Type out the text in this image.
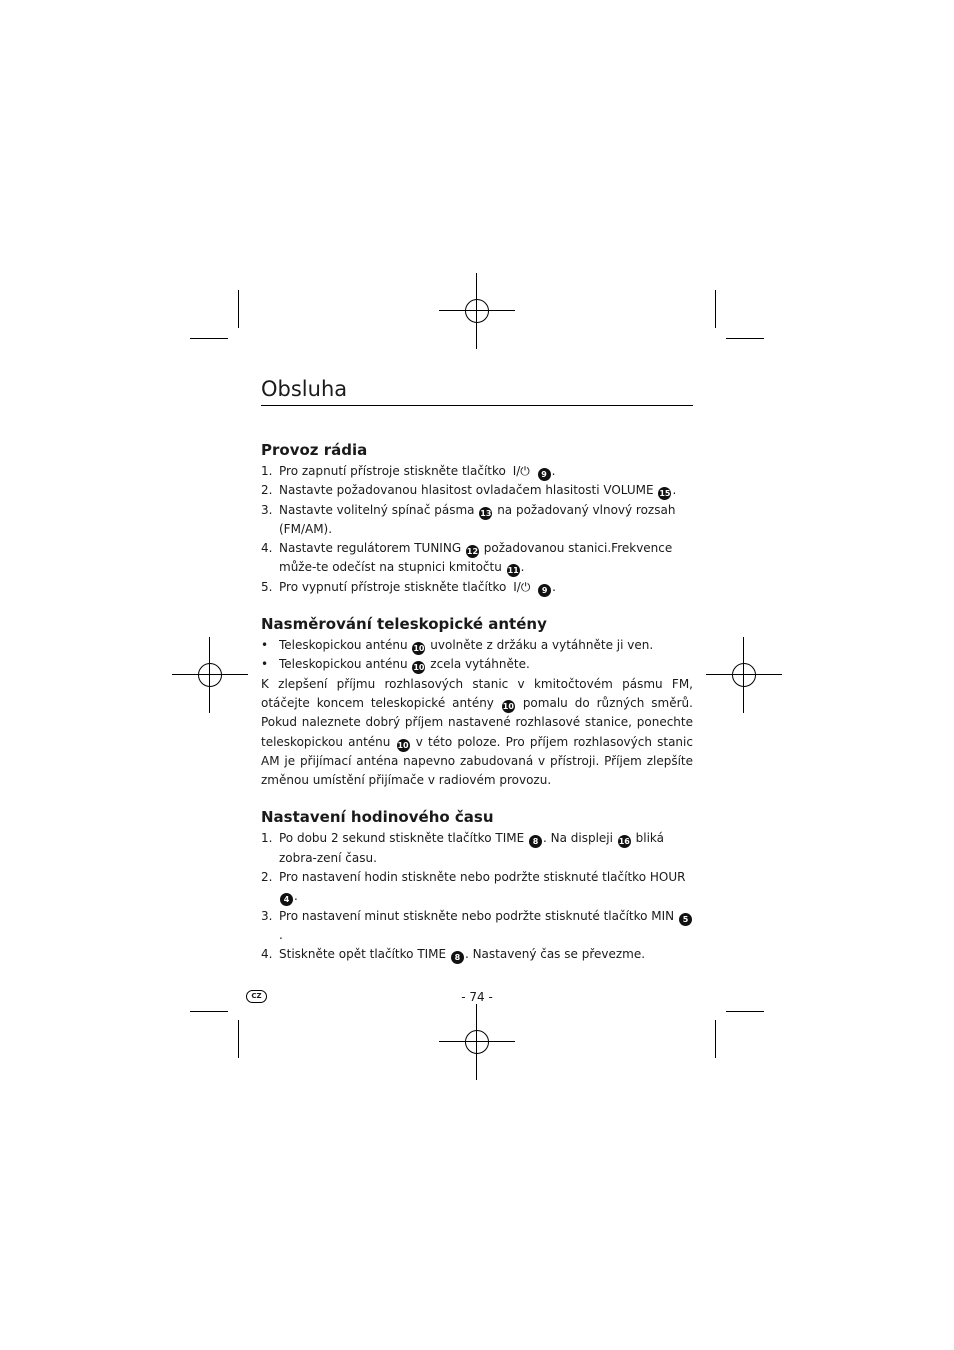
Obsluha
Provoz rádia
1. Pro zapnutí přístroje stiskněte tlačítko I/⏻ 9 .
2. Nastavte požadovanou hlasitost ovladačem hlasitosti VOLUME 15 .
3. Nastavte volitelný spínač pásma 13 na požadovaný vlnový rozsah (FM/AM).
4. Nastavte regulátorem TUNING 12 požadovanou stanici.Frekvence může-te odečíst na stupnici kmitočtu 11 .
5. Pro vypnutí přístroje stiskněte tlačítko I/⏻ 9 .
Nasměrování teleskopické antény
• Teleskopickou anténu 10 uvolněte z držáku a vytáhněte ji ven.
• Teleskopickou anténu 10 zcela vytáhněte.

K zlepšení příjmu rozhlasových stanic v kmitočtovém pásmu FM, otáčejte koncem teleskopické antény 10 pomalu do různých směrů. Pokud naleznete dobrý příjem nastavené rozhlasové stanice, ponechte teleskopickou anténu 10 v této poloze. Pro příjem rozhlasových stanic AM je přijímací anténa napevno zabudovaná v přístroji. Příjem zlepšíte změnou umístění přijímače v radiovém provozu.

Nastavení hodinového času
1. Po dobu 2 sekund stiskněte tlačítko TIME 8 . Na displeji 16 bliká zobra-zení času.
2. Pro nastavení hodin stiskněte nebo podržte stisknuté tlačítko HOUR 4 .
3. Pro nastavení minut stiskněte nebo podržte stisknuté tlačítko MIN 5.
4. Stiskněte opět tlačítko TIME 8 . Nastavený čas se převezme.
CZ	- 74 -
